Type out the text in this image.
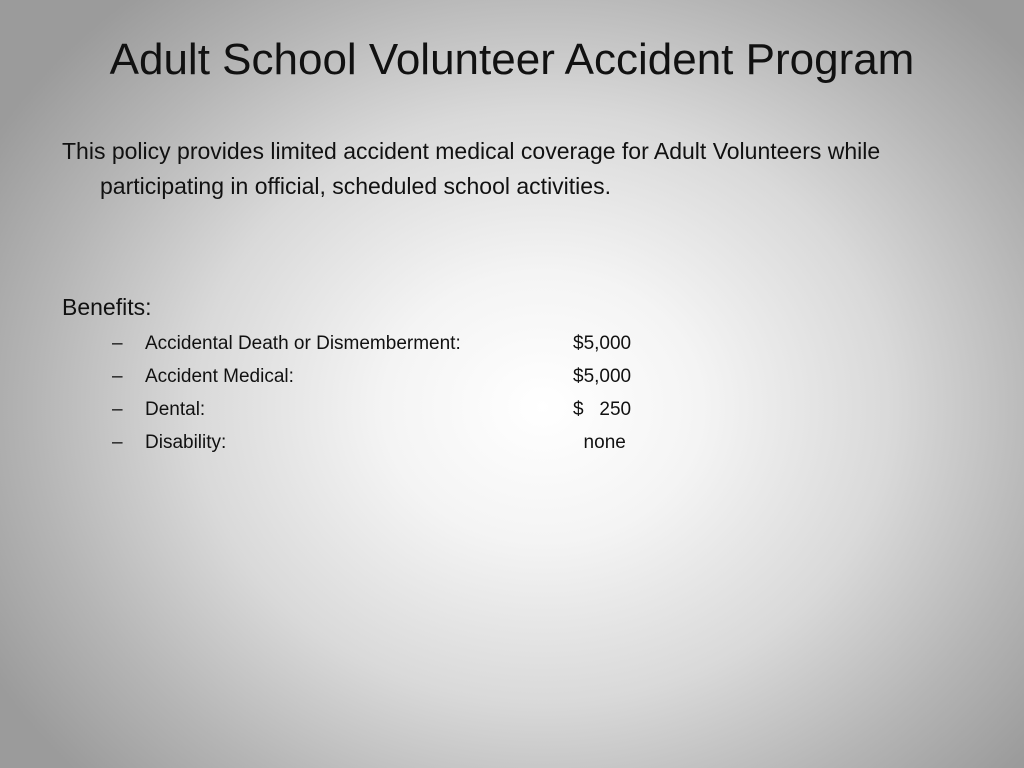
Adult School Volunteer Accident Program
This policy provides limited accident medical coverage for Adult Volunteers while participating in official, scheduled school activities.
Benefits:
– Accidental Death or Dismemberment:	$5,000
– Accident Medical:	$5,000
– Dental:	$   250
– Disability:	none
